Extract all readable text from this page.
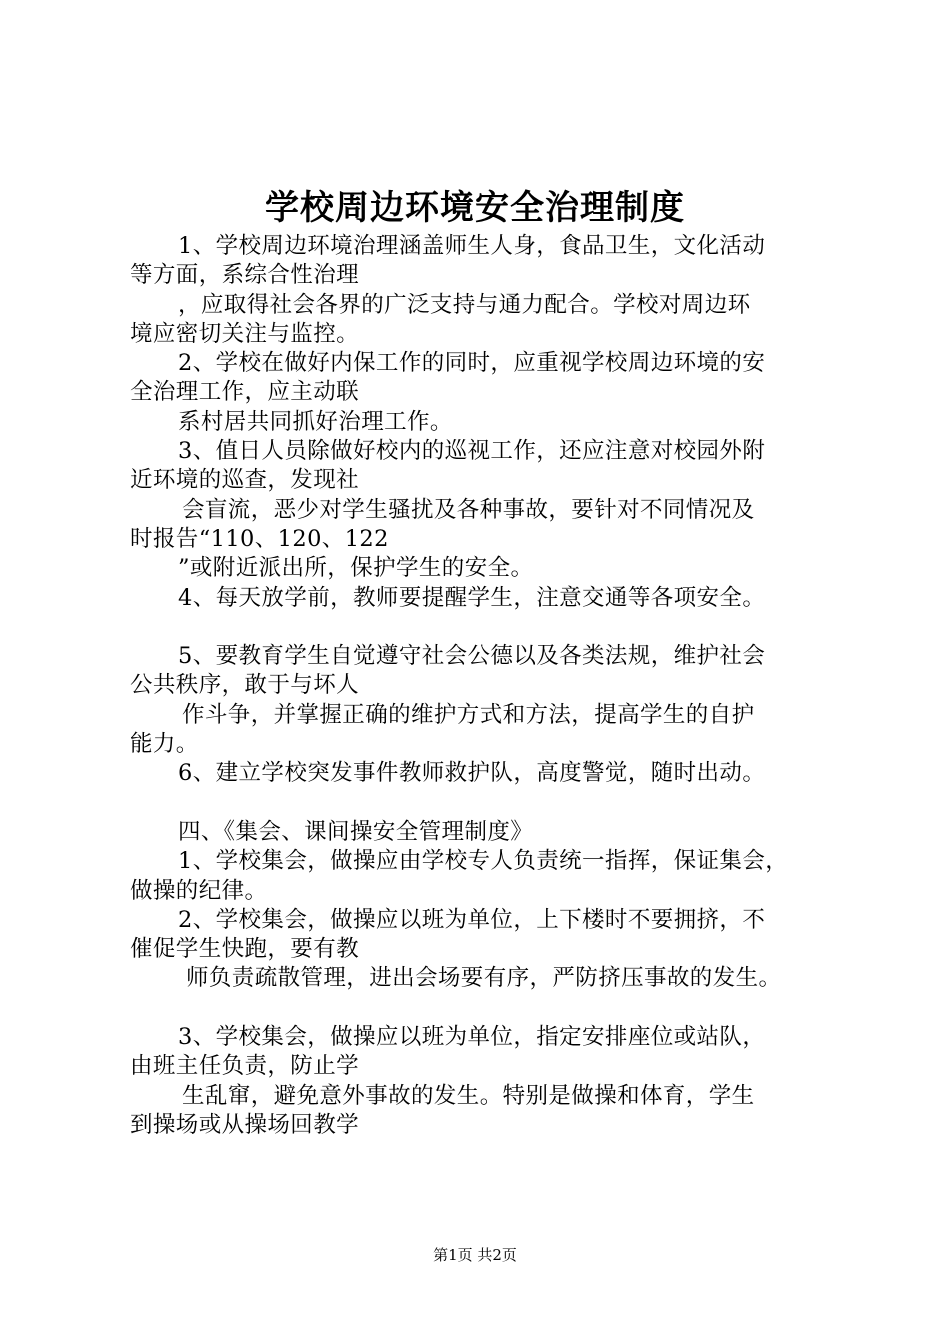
学校周边环境安全治理制度
1、学校周边环境治理涵盖师生人身，食品卫生，文化活动
等方面，系综合性治理
，应取得社会各界的广泛支持与通力配合。学校对周边环
境应密切关注与监控。
2、学校在做好内保工作的同时，应重视学校周边环境的安
全治理工作，应主动联
系村居共同抓好治理工作。
3、值日人员除做好校内的巡视工作，还应注意对校园外附
近环境的巡查，发现社
会盲流，恶少对学生骚扰及各种事故，要针对不同情况及
时报告“110、120、122
”或附近派出所，保护学生的安全。
4、每天放学前，教师要提醒学生，注意交通等各项安全。
5、要教育学生自觉遵守社会公德以及各类法规，维护社会
公共秩序，敢于与坏人
作斗争，并掌握正确的维护方式和方法，提高学生的自护
能力。
6、建立学校突发事件教师救护队，高度警觉，随时出动。
四、《集会、课间操安全管理制度》
1、学校集会，做操应由学校专人负责统一指挥，保证集会，
做操的纪律。
2、学校集会，做操应以班为单位，上下楼时不要拥挤，不
催促学生快跑，要有教
师负责疏散管理，进出会场要有序，严防挤压事故的发生。
3、学校集会，做操应以班为单位，指定安排座位或站队，
由班主任负责，防止学
生乱窜，避免意外事故的发生。特别是做操和体育，学生
到操场或从操场回教学
第1页 共2页
